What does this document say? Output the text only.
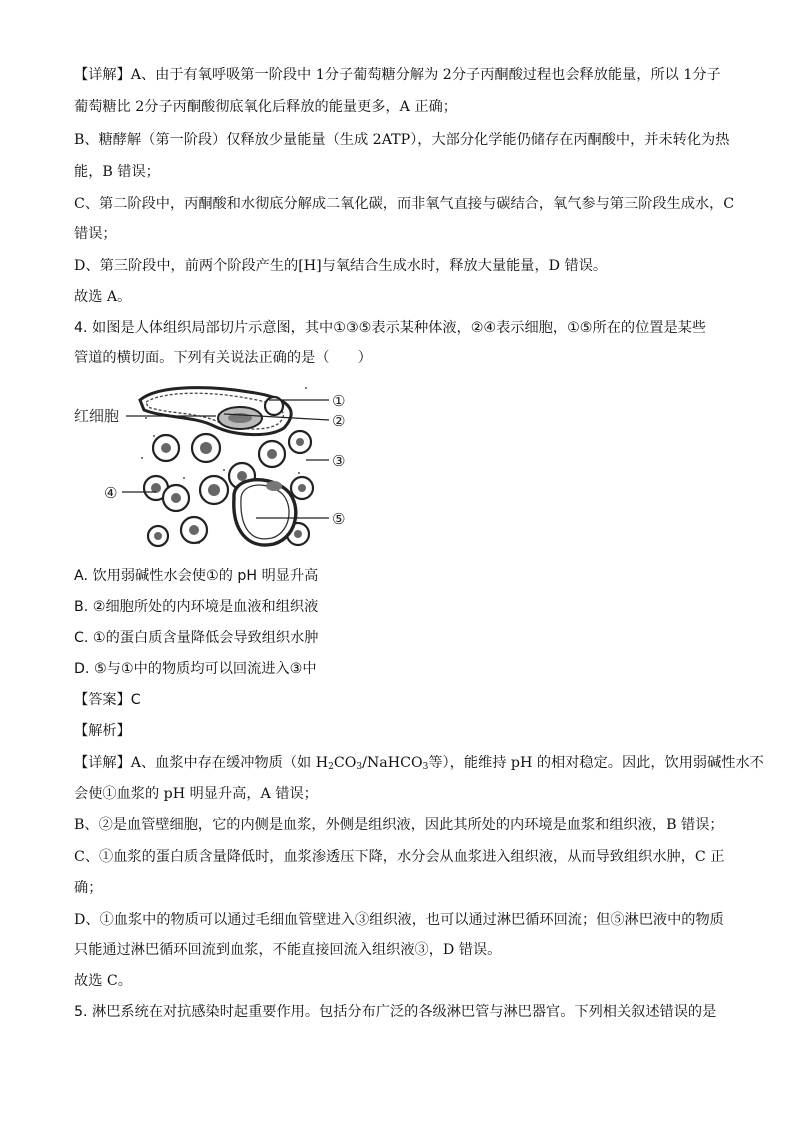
【详解】A、由于有氧呼吸第一阶段中 1分子葡萄糖分解为 2分子丙酮酸过程也会释放能量，所以 1分子
葡萄糖比 2分子丙酮酸彻底氧化后释放的能量更多，A 正确；
B、糖酵解（第一阶段）仅释放少量能量（生成 2ATP），大部分化学能仍储存在丙酮酸中，并未转化为热
能，B 错误；
C、第二阶段中，丙酮酸和水彻底分解成二氧化碳，而非氧气直接与碳结合，氧气参与第三阶段生成水，C
错误；
D、第三阶段中，前两个阶段产生的[H]与氧结合生成水时，释放大量能量，D 错误。
故选 A。
4. 如图是人体组织局部切片示意图，其中①③⑤表示某种体液，②④表示细胞，①⑤所在的位置是某些
管道的横切面。下列有关说法正确的是（　　）
红细胞
①
②
③
④
⑤
A. 饮用弱碱性水会使①的 pH 明显升高
B. ②细胞所处的内环境是血液和组织液
C. ①的蛋白质含量降低会导致组织水肿
D. ⑤与①中的物质均可以回流进入③中
【答案】C
【解析】
【详解】A、血浆中存在缓冲物质（如 $H_2CO_3/NaHCO_3$等），能维持 pH 的相对稳定。因此，饮用弱碱性水不
会使①血浆的 pH 明显升高，A 错误；
B、②是血管壁细胞，它的内侧是血浆，外侧是组织液，因此其所处的内环境是血浆和组织液，B 错误；
C、①血浆的蛋白质含量降低时，血浆渗透压下降，水分会从血浆进入组织液，从而导致组织水肿，C 正
确；
D、①血浆中的物质可以通过毛细血管壁进入③组织液，也可以通过淋巴循环回流；但⑤淋巴液中的物质
只能通过淋巴循环回流到血浆，不能直接回流入组织液③，D 错误。
故选 C。
5. 淋巴系统在对抗感染时起重要作用。包括分布广泛的各级淋巴管与淋巴器官。下列相关叙述错误的是
